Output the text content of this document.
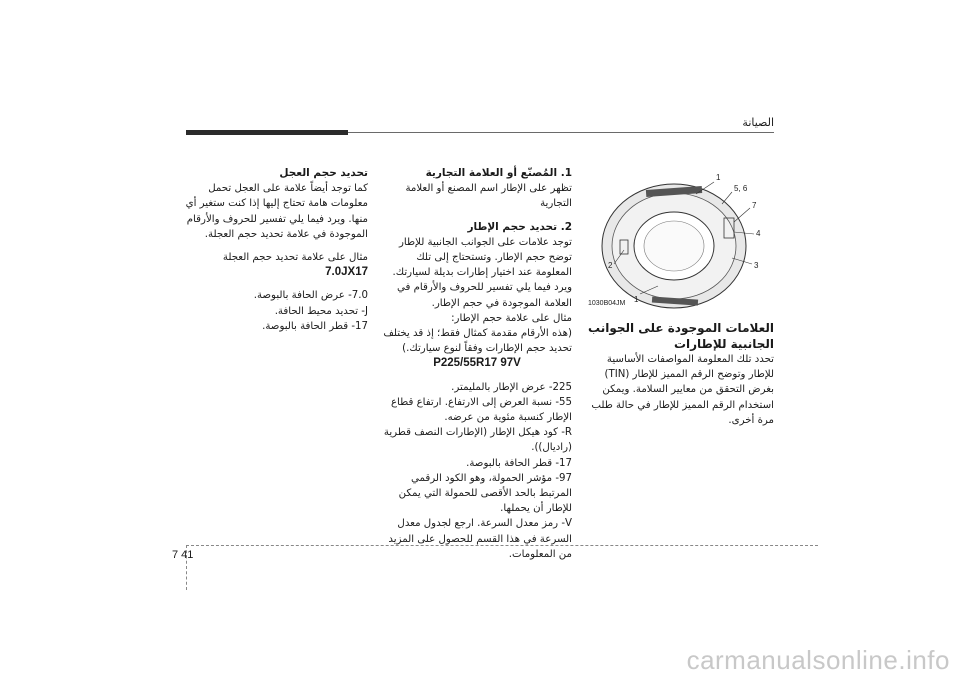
الصيانة
1
5, 6
7
4
3
1
2
1030B04JM

العلامات الموجودة على الجوانب الجانبية للإطارات

تحدد تلك المعلومة المواصفات الأساسية للإطار وتوضح الرقم المميز للإطار (TIN) بغرض التحقق من معايير السلامة. ويمكن استخدام الرقم المميز للإطار في حالة طلب مرة أخرى.

1. المُصنّع أو العلامة التجارية

تظهر على الإطار اسم المصنع أو العلامة التجارية

2. تحديد حجم الإطار

توجد علامات على الجوانب الجانبية للإطار توضح حجم الإطار. وتستحتاج إلى تلك المعلومة عند اختيار إطارات بديلة لسيارتك. ويرد فيما يلي تفسير للحروف والأرقام في العلامة الموجودة في حجم الإطار.

مثال على علامة حجم الإطار:

(هذه الأرقام مقدمة كمثال فقط؛ إذ قد يختلف تحديد حجم الإطارات وفقاً لنوع سيارتك.)

P225/55R17 97V

225- عرض الإطار بالمليمتر.

55- نسبة العرض إلى الارتفاع. ارتفاع قطاع الإطار كنسبة مئوية من عرضه.

R- كود هيكل الإطار (الإطارات النصف قطرية (راديال)).

17- قطر الحافة بالبوصة.

97- مؤشر الحمولة، وهو الكود الرقمي المرتبط بالحد الأقصى للحمولة التي يمكن للإطار أن يحملها.

V- رمز معدل السرعة. ارجع لجدول معدل السرعة في هذا القسم للحصول على المزيد من المعلومات.

تحديد حجم العجل

كما توجد أيضاً علامة على العجل تحمل معلومات هامة تحتاج إليها إذا كنت ستغير أي منها. ويرد فيما يلي تفسير للحروف والأرقام الموجودة في علامة تحديد حجم العجلة.

مثال على علامة تحديد حجم العجلة

7.0JX17

7.0- عرض الحافة بالبوصة.

J- تحديد محيط الحافة.

17- قطر الحافة بالبوصة.

7 41
carmanualsonline.info
